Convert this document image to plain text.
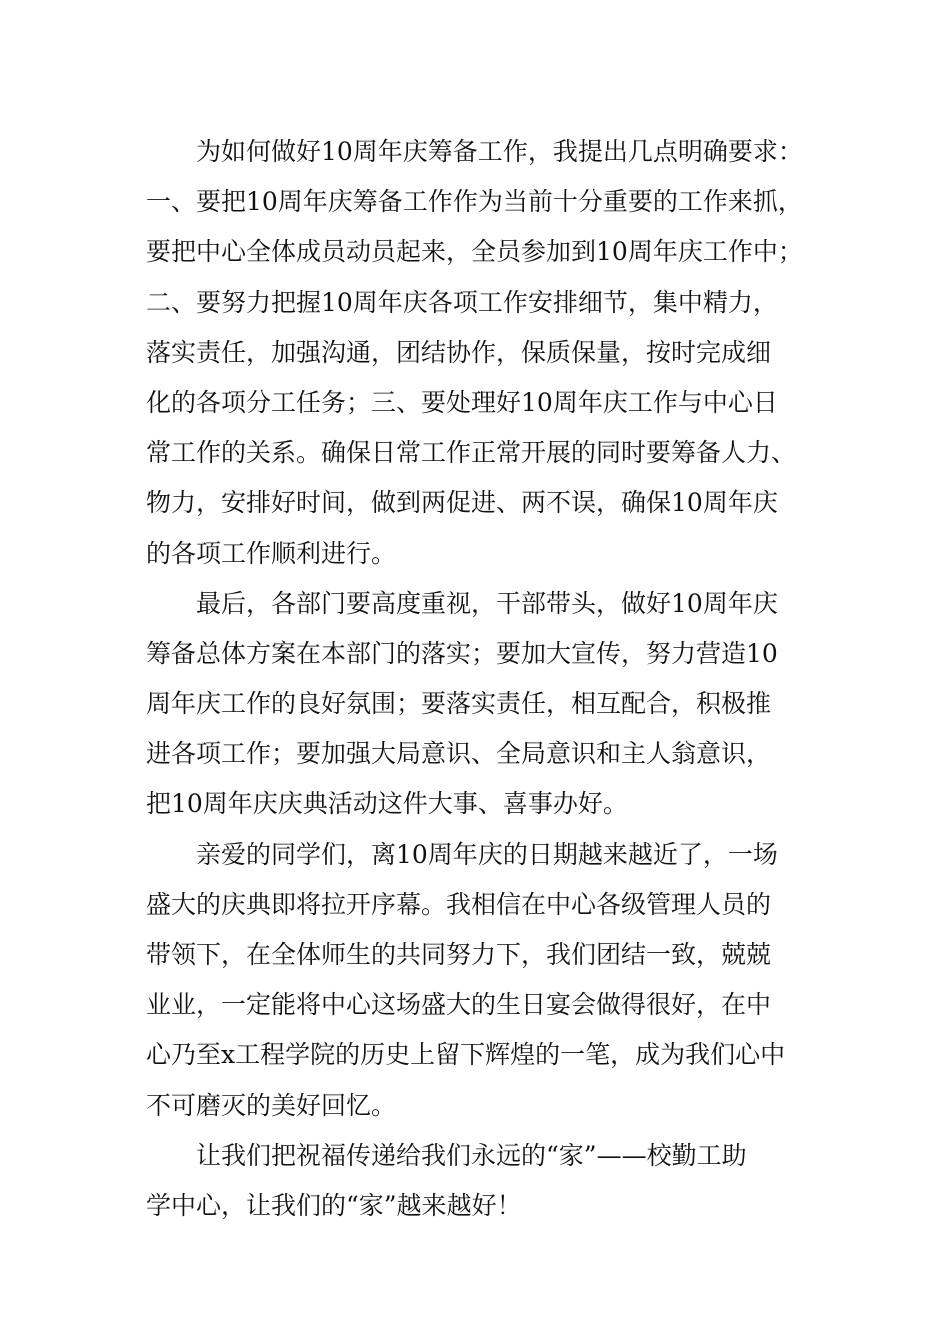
为如何做好10周年庆筹备工作，我提出几点明确要求：
一、要把10周年庆筹备工作作为当前十分重要的工作来抓，
要把中心全体成员动员起来，全员参加到10周年庆工作中；
二、要努力把握10周年庆各项工作安排细节，集中精力，
落实责任，加强沟通，团结协作，保质保量，按时完成细
化的各项分工任务；三、要处理好10周年庆工作与中心日
常工作的关系。确保日常工作正常开展的同时要筹备人力、
物力，安排好时间，做到两促进、两不误，确保10周年庆
的各项工作顺利进行。
最后，各部门要高度重视，干部带头，做好10周年庆
筹备总体方案在本部门的落实；要加大宣传，努力营造10
周年庆工作的良好氛围；要落实责任，相互配合，积极推
进各项工作；要加强大局意识、全局意识和主人翁意识，
把10周年庆庆典活动这件大事、喜事办好。
亲爱的同学们，离10周年庆的日期越来越近了，一场
盛大的庆典即将拉开序幕。我相信在中心各级管理人员的
带领下，在全体师生的共同努力下，我们团结一致，兢兢
业业，一定能将中心这场盛大的生日宴会做得很好，在中
心乃至x工程学院的历史上留下辉煌的一笔，成为我们心中
不可磨灭的美好回忆。
让我们把祝福传递给我们永远的“家”——校勤工助
学中心，让我们的“家”越来越好！
